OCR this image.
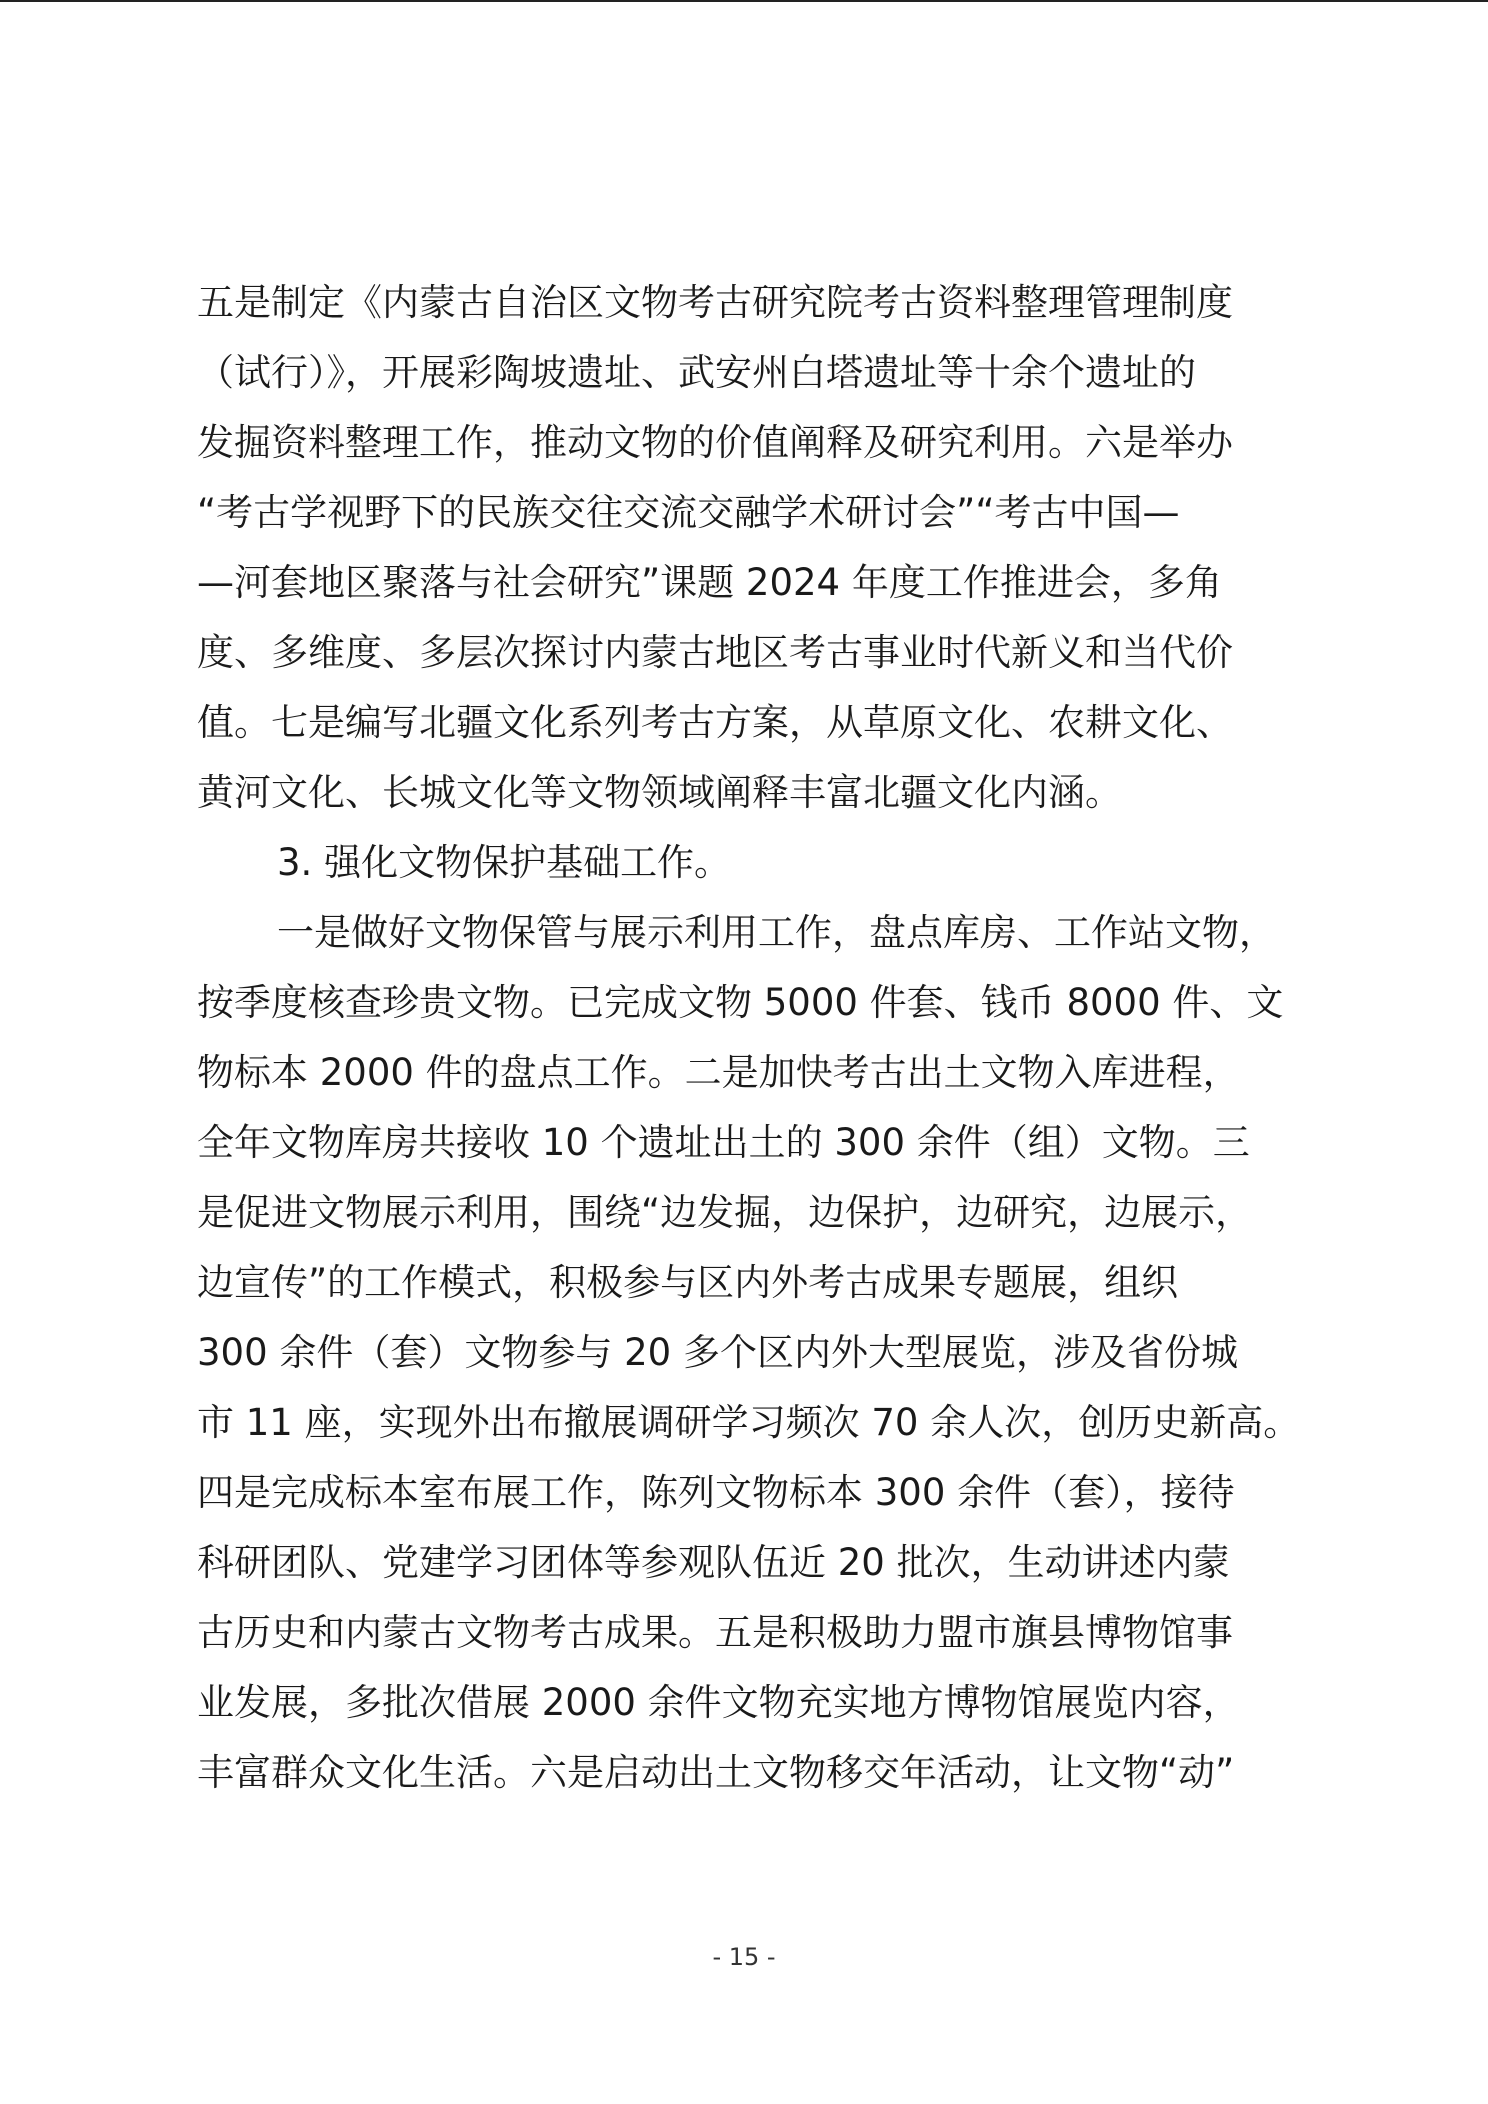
五是制定《内蒙古自治区文物考古研究院考古资料整理管理制度
（试行）》，开展彩陶坡遗址、武安州白塔遗址等十余个遗址的
发掘资料整理工作，推动文物的价值阐释及研究利用。六是举办
“考古学视野下的民族交往交流交融学术研讨会”“考古中国—
—河套地区聚落与社会研究”课题 2024 年度工作推进会，多角
度、多维度、多层次探讨内蒙古地区考古事业时代新义和当代价
值。七是编写北疆文化系列考古方案，从草原文化、农耕文化、
黄河文化、长城文化等文物领域阐释丰富北疆文化内涵。
3. 强化文物保护基础工作。
一是做好文物保管与展示利用工作，盘点库房、工作站文物，
按季度核查珍贵文物。已完成文物 5000 件套、钱币 8000 件、文
物标本 2000 件的盘点工作。二是加快考古出土文物入库进程，
全年文物库房共接收 10 个遗址出土的 300 余件（组）文物。三
是促进文物展示利用，围绕“边发掘，边保护，边研究，边展示，
边宣传”的工作模式，积极参与区内外考古成果专题展，组织
300 余件（套）文物参与 20 多个区内外大型展览，涉及省份城
市 11 座，实现外出布撤展调研学习频次 70 余人次，创历史新高。
四是完成标本室布展工作，陈列文物标本 300 余件（套），接待
科研团队、党建学习团体等参观队伍近 20 批次，生动讲述内蒙
古历史和内蒙古文物考古成果。五是积极助力盟市旗县博物馆事
业发展，多批次借展 2000 余件文物充实地方博物馆展览内容，
丰富群众文化生活。六是启动出土文物移交年活动，让文物“动”
- 15 -
